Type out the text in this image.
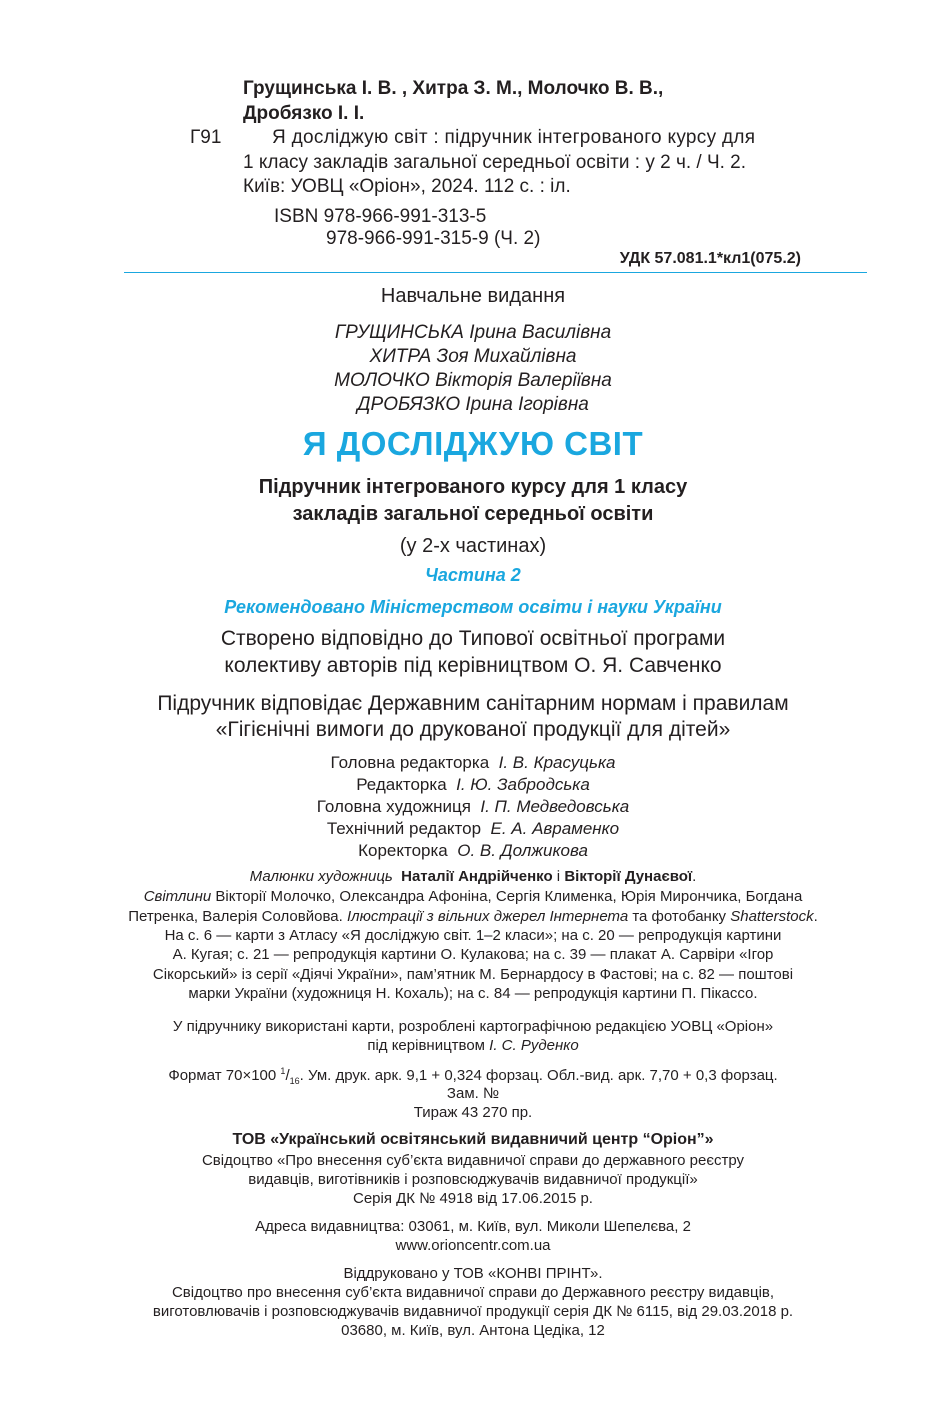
Грущинська І. В. , Хитра З. М., Молочко В. В.,
Дробязко І. І.
Г91	Я досліджую світ : підручник інтегрованого курсу для
1 класу закладів загальної середньої освіти : у 2 ч. / Ч. 2.
Київ: УОВЦ «Оріон», 2024. 112 с. : іл.
ISBN 978-966-991-313-5
978-966-991-315-9 (Ч. 2)
УДК 57.081.1*кл1(075.2)
Навчальне видання
ГРУЩИНСЬКА Ірина Василівна
ХИТРА Зоя Михайлівна
МОЛОЧКО Вікторія Валеріївна
ДРОБЯЗКО Ірина Ігорівна
Я ДОСЛІДЖУЮ СВІТ
Підручник інтегрованого курсу для 1 класу
закладів загальної середньої освіти
(у 2-х частинах)
Частина 2
Рекомендовано Міністерством освіти і науки України
Створено відповідно до Типової освітньої програми
колективу авторів під керівництвом О. Я. Савченко
Підручник відповідає Державним санітарним нормам і правилам
«Гігієнічні вимоги до друкованої продукції для дітей»
Головна редакторка І. В. Красуцька
Редакторка І. Ю. Забродська
Головна художниця І. П. Медведовська
Технічний редактор Е. А. Авраменко
Коректорка О. В. Должикова
Малюнки художниць Наталії Андрійченко і Вікторії Дунаєвої.
Світлини Вікторії Молочко, Олександра Афоніна, Сергія Клименка, Юрія Мирончика, Богдана
Петренка, Валерія Соловйова. Ілюстрації з вільних джерел Інтернета та фотобанку Shatterstock.
На с. 6 — карти з Атласу «Я досліджую світ. 1–2 класи»; на с. 20 — репродукція картини
А. Кугая; с. 21 — репродукція картини О. Кулакова; на с. 39 — плакат А. Сарвіри «Ігор
Сікорський» із серії «Діячі України», пам’ятник М. Бернардосу в Фастові; на с. 82 — поштові
марки України (художниця Н. Кохаль); на с. 84 — репродукція картини П. Пікассо.
У підручнику використані карти, розроблені картографічною редакцією УОВЦ «Оріон»
під керівництвом І. С. Руденко
Формат 70×100 $^1/_{16}$. Ум. друк. арк. 9,1 + 0,324 форзац. Обл.-вид. арк. 7,70 + 0,3 форзац.
Зам. №
Тираж 43 270 пр.
ТОВ «Український освітянський видавничий центр “Оріон”»
Свідоцтво «Про внесення суб’єкта видавничої справи до державного реєстру
видавців, виготівників і розповсюджувачів видавничої продукції»
Серія ДК № 4918 від 17.06.2015 р.
Адреса видавництва: 03061, м. Київ, вул. Миколи Шепелєва, 2
www.orioncentr.com.ua
Віддруковано у ТОВ «КОНВІ ПРІНТ».
Свідоцтво про внесення суб’єкта видавничої справи до Державного реєстру видавців,
виготовлювачів і розповсюджувачів видавничої продукції серія ДК № 6115, від 29.03.2018 р.
03680, м. Київ, вул. Антона Цедіка, 12
